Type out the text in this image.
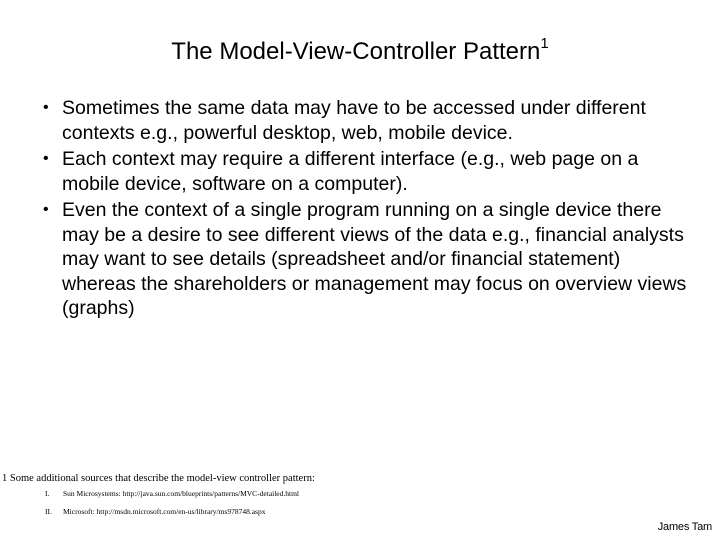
The Model-View-Controller Pattern$^1$
• Sometimes the same data may have to be accessed under different contexts e.g., powerful desktop, web, mobile device.
• Each context may require a different interface (e.g., web page on a mobile device, software on a computer).
• Even the context of a single program running on a single device there may be a desire to see different views of the data e.g., financial analysts may want to see details (spreadsheet and/or financial statement) whereas the shareholders or management may focus on overview views (graphs)
1 Some additional sources that describe the model-view controller pattern:
I. Sun Microsystems: http://java.sun.com/blueprints/patterns/MVC-detailed.html
II. Microsoft: http://msdn.microsoft.com/en-us/library/ms978748.aspx
James Tam
